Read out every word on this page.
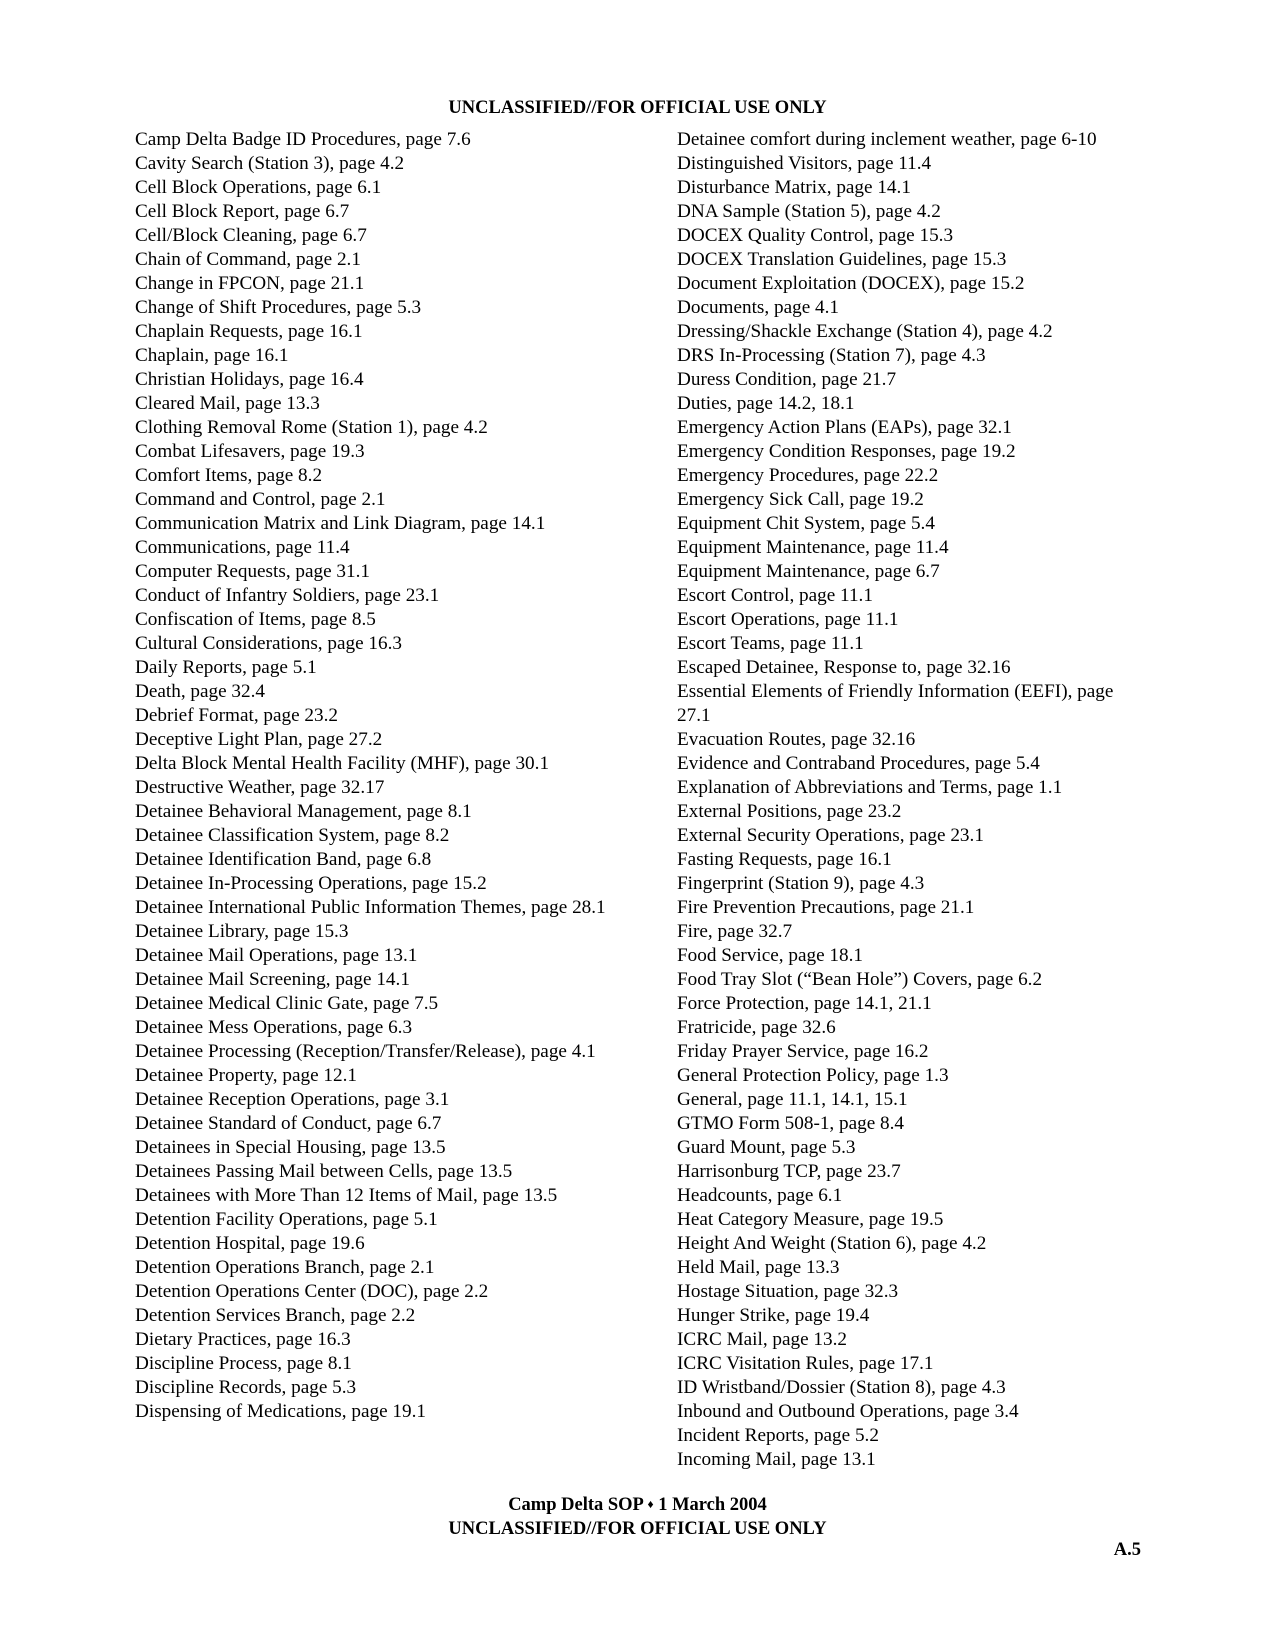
UNCLASSIFIED//FOR OFFICIAL USE ONLY
Camp Delta Badge ID Procedures, page 7.6
Cavity Search (Station 3), page 4.2
Cell Block Operations, page 6.1
Cell Block Report, page 6.7
Cell/Block Cleaning, page 6.7
Chain of Command, page 2.1
Change in FPCON, page 21.1
Change of Shift Procedures, page 5.3
Chaplain Requests, page 16.1
Chaplain, page 16.1
Christian Holidays, page 16.4
Cleared Mail, page 13.3
Clothing Removal Rome (Station 1), page 4.2
Combat Lifesavers, page 19.3
Comfort Items, page 8.2
Command and Control, page 2.1
Communication Matrix and Link Diagram, page 14.1
Communications, page 11.4
Computer Requests, page 31.1
Conduct of Infantry Soldiers, page 23.1
Confiscation of Items, page 8.5
Cultural Considerations, page 16.3
Daily Reports, page 5.1
Death, page 32.4
Debrief Format, page 23.2
Deceptive Light Plan, page 27.2
Delta Block Mental Health Facility (MHF), page 30.1
Destructive Weather, page 32.17
Detainee Behavioral Management, page 8.1
Detainee Classification System, page 8.2
Detainee Identification Band, page 6.8
Detainee In-Processing Operations, page 15.2
Detainee International Public Information Themes, page 28.1
Detainee Library, page 15.3
Detainee Mail Operations, page 13.1
Detainee Mail Screening, page 14.1
Detainee Medical Clinic Gate, page 7.5
Detainee Mess Operations, page 6.3
Detainee Processing (Reception/Transfer/Release), page 4.1
Detainee Property, page 12.1
Detainee Reception Operations, page 3.1
Detainee Standard of Conduct, page 6.7
Detainees in Special Housing, page 13.5
Detainees Passing Mail between Cells, page 13.5
Detainees with More Than 12 Items of Mail, page 13.5
Detention Facility Operations, page 5.1
Detention Hospital, page 19.6
Detention Operations Branch, page 2.1
Detention Operations Center (DOC), page 2.2
Detention Services Branch, page 2.2
Dietary Practices, page 16.3
Discipline Process, page 8.1
Discipline Records, page 5.3
Dispensing of Medications, page 19.1
Detainee comfort during inclement weather, page 6-10
Distinguished Visitors, page 11.4
Disturbance Matrix, page 14.1
DNA Sample (Station 5), page 4.2
DOCEX Quality Control, page 15.3
DOCEX Translation Guidelines, page 15.3
Document Exploitation (DOCEX), page 15.2
Documents, page 4.1
Dressing/Shackle Exchange (Station 4), page 4.2
DRS In-Processing (Station 7), page 4.3
Duress Condition, page 21.7
Duties, page 14.2, 18.1
Emergency Action Plans (EAPs), page 32.1
Emergency Condition Responses, page 19.2
Emergency Procedures, page 22.2
Emergency Sick Call, page 19.2
Equipment Chit System, page 5.4
Equipment Maintenance, page 11.4
Equipment Maintenance, page 6.7
Escort Control, page 11.1
Escort Operations, page 11.1
Escort Teams, page 11.1
Escaped Detainee, Response to, page 32.16
Essential Elements of Friendly Information (EEFI), page 27.1
Evacuation Routes, page 32.16
Evidence and Contraband Procedures, page 5.4
Explanation of Abbreviations and Terms, page 1.1
External Positions, page 23.2
External Security Operations, page 23.1
Fasting Requests, page 16.1
Fingerprint (Station 9), page 4.3
Fire Prevention Precautions, page 21.1
Fire, page 32.7
Food Service, page 18.1
Food Tray Slot (“Bean Hole”) Covers, page 6.2
Force Protection, page 14.1, 21.1
Fratricide, page 32.6
Friday Prayer Service, page 16.2
General Protection Policy, page 1.3
General, page 11.1, 14.1, 15.1
GTMO Form 508-1, page 8.4
Guard Mount, page 5.3
Harrisonburg TCP, page 23.7
Headcounts, page 6.1
Heat Category Measure, page 19.5
Height And Weight (Station 6), page 4.2
Held Mail, page 13.3
Hostage Situation, page 32.3
Hunger Strike, page 19.4
ICRC Mail, page 13.2
ICRC Visitation Rules, page 17.1
ID Wristband/Dossier (Station 8), page 4.3
Inbound and Outbound Operations, page 3.4
Incident Reports, page 5.2
Incoming Mail, page 13.1
Camp Delta SOP ♦ 1 March 2004
UNCLASSIFIED//FOR OFFICIAL USE ONLY
A.5
